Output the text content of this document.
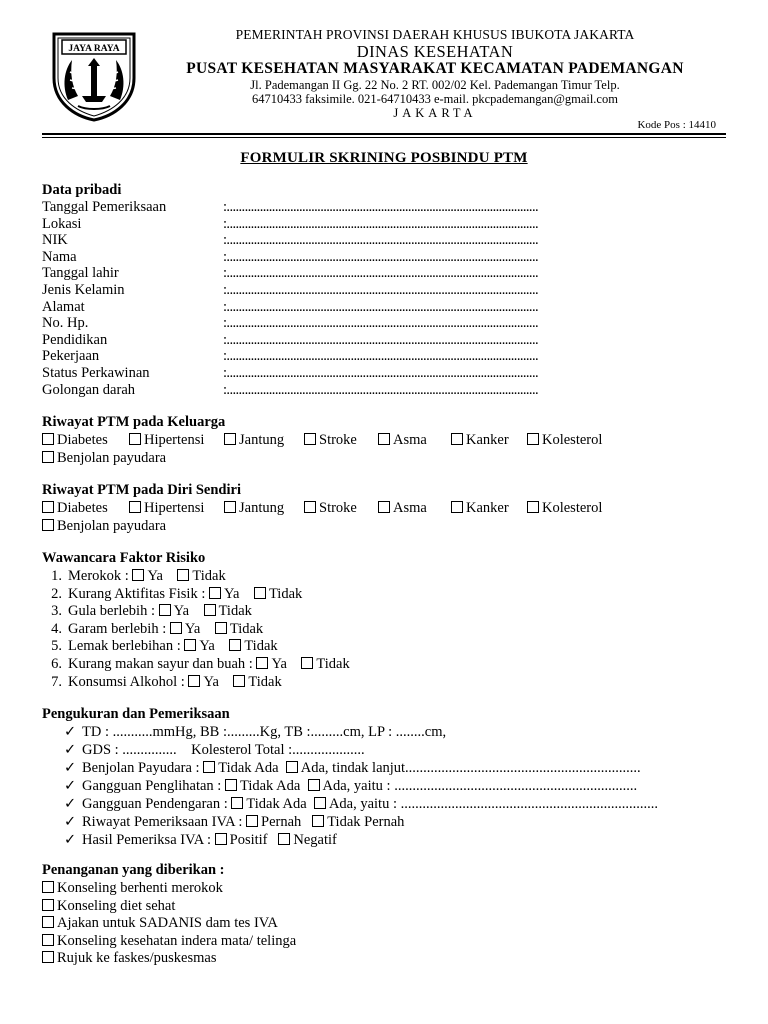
JAYA RAYA
PEMERINTAH PROVINSI DAERAH KHUSUS IBUKOTA JAKARTA
DINAS KESEHATAN
PUSAT KESEHATAN MASYARAKAT KECAMATAN PADEMANGAN
Jl. Pademangan II Gg. 22 No. 2 RT. 002/02 Kel. Pademangan Timur Telp.
64710433 faksimile. 021-64710433 e-mail. pkcpademangan@gmail.com
JAKARTA
Kode Pos : 14410
FORMULIR SKRINING POSBINDU PTM
Data pribadi
Tanggal Pemeriksaan	:.......................................................................................................
Lokasi	:.......................................................................................................
NIK	:.......................................................................................................
Nama	:.......................................................................................................
Tanggal lahir	:.......................................................................................................
Jenis Kelamin	:.......................................................................................................
Alamat	:.......................................................................................................
No. Hp.	:.......................................................................................................
Pendidikan	:.......................................................................................................
Pekerjaan	:.......................................................................................................
Status Perkawinan	:.......................................................................................................
Golongan darah	:.......................................................................................................
Riwayat PTM pada Keluarga
Diabetes	Hipertensi Jantung Stroke Asma	Kanker Kolesterol
Benjolan payudara
Riwayat PTM pada Diri Sendiri
Diabetes	Hipertensi Jantung Stroke Asma	Kanker Kolesterol
Benjolan payudara
Wawancara Faktor Risiko
1. Merokok : Ya Tidak
2. Kurang Aktifitas Fisik : Ya Tidak
3. Gula berlebih : Ya Tidak
4. Garam berlebih : Ya Tidak
5. Lemak berlebihan : Ya Tidak
6. Kurang makan sayur dan buah : Ya Tidak
7. Konsumsi Alkohol : Ya Tidak
Pengukuran dan Pemeriksaan
✓ TD : ...........mmHg, BB :.........Kg, TB :.........cm, LP : ........cm,
✓ GDS : ...............    Kolesterol Total :....................
✓ Benjolan Payudara : Tidak Ada Ada, tindak lanjut.................................................................
✓ Gangguan Penglihatan : Tidak Ada Ada, yaitu : ...................................................................
✓ Gangguan Pendengaran : Tidak Ada Ada, yaitu : .......................................................................
✓ Riwayat Pemeriksaan IVA : Pernah Tidak Pernah
✓ Hasil Pemeriksa IVA : Positif Negatif
Penanganan yang diberikan :
Konseling berhenti merokok
Konseling diet sehat
Ajakan untuk SADANIS dam tes IVA
Konseling kesehatan indera mata/ telinga
Rujuk ke faskes/puskesmas
